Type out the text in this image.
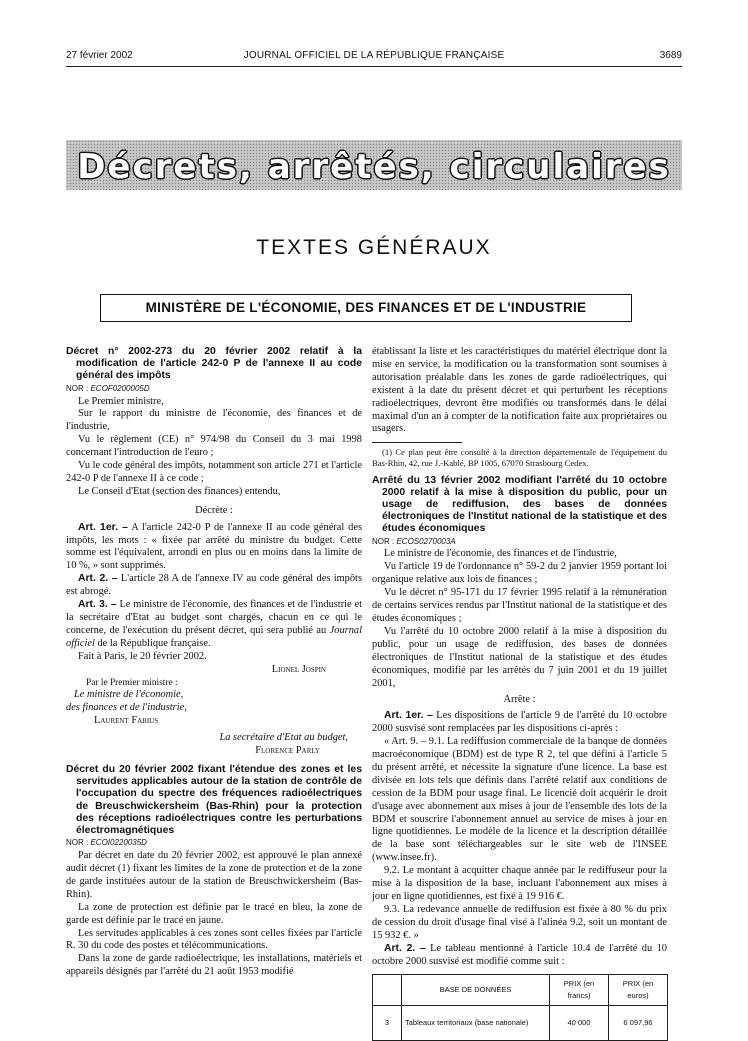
27 février 2002	JOURNAL OFFICIEL DE LA RÉPUBLIQUE FRANÇAISE	3689
Décrets, arrêtés, circulaires
TEXTES GÉNÉRAUX
MINISTÈRE DE L'ÉCONOMIE, DES FINANCES ET DE L'INDUSTRIE

Décret n° 2002-273 du 20 février 2002 relatif à la modification de l'article 242-0 P de l'annexe II au code général des impôts

NOR : ECOF0200005D

Le Premier ministre,

Sur le rapport du ministre de l'économie, des finances et de l'industrie,

Vu le règlement (CE) n° 974/98 du Conseil du 3 mai 1998 concernant l'introduction de l'euro ;

Vu le code général des impôts, notamment son article 271 et l'article 242-0 P de l'annexe II à ce code ;

Le Conseil d'Etat (section des finances) entendu,

Décrète :

Art. 1er. – A l'article 242-0 P de l'annexe II au code général des impôts, les mots : « fixée par arrêté du ministre du budget. Cette somme est l'équivalent, arrondi en plus ou en moins dans la limite de 10 %, » sont supprimés.

Art. 2. – L'article 28 A de l'annexe IV au code général des impôts est abrogé.

Art. 3. – Le ministre de l'économie, des finances et de l'industrie et la secrétaire d'Etat au budget sont chargés, chacun en ce qui le concerne, de l'exécution du présent décret, qui sera publié au Journal officiel de la République française.

Fait à Paris, le 20 février 2002.

Lionel Jospin

Par le Premier ministre :

Le ministre de l'économie,

des finances et de l'industrie,

Laurent Fabius

La secrétaire d'Etat au budget,

Florence Parly

Décret du 20 février 2002 fixant l'étendue des zones et les servitudes applicables autour de la station de contrôle de l'occupation du spectre des fréquences radioélectriques de Breuschwickersheim (Bas-Rhin) pour la protection des réceptions radioélectriques contre les perturbations électromagnétiques

NOR : ECOI0220035D

Par décret en date du 20 février 2002, est approuvé le plan annexé audit décret (1) fixant les limites de la zone de protection et de la zone de garde instituées autour de la station de Breuschwickersheim (Bas-Rhin).

La zone de protection est définie par le tracé en bleu, la zone de garde est définie par le tracé en jaune.

Les servitudes applicables à ces zones sont celles fixées par l'article R. 30 du code des postes et télécommunications.

Dans la zone de garde radioélectrique, les installations, matériels et appareils désignés par l'arrêté du 21 août 1953 modifié

établissant la liste et les caractéristiques du matériel électrique dont la mise en service, la modification ou la transformation sont soumises à autorisation préalable dans les zones de garde radioélectriques, qui existent à la date du présent décret et qui perturbent les réceptions radioélectriques, devront être modifiés ou transformés dans le délai maximal d'un an à compter de la notification faite aux propriétaires ou usagers.

(1) Ce plan peut être consulté à la direction départementale de l'équipement du Bas-Rhin, 42, rue J.-Kablé, BP 1005, 67070 Strasbourg Cedex.

Arrêté du 13 février 2002 modifiant l'arrêté du 10 octobre 2000 relatif à la mise à disposition du public, pour un usage de rediffusion, des bases de données électroniques de l'Institut national de la statistique et des études économiques

NOR : ECOS0270003A

Le ministre de l'économie, des finances et de l'industrie,

Vu l'article 19 de l'ordonnance n° 59-2 du 2 janvier 1959 portant loi organique relative aux lois de finances ;

Vu le décret n° 95-171 du 17 février 1995 relatif à la rémunération de certains services rendus par l'Institut national de la statistique et des études économiques ;

Vu l'arrêté du 10 octobre 2000 relatif à la mise à disposition du public, pour un usage de rediffusion, des bases de données électroniques de l'Institut national de la statistique et des études économiques, modifié par les arrêtés du 7 juin 2001 et du 19 juillet 2001,

Arrête :

Art. 1er. – Les dispositions de l'article 9 de l'arrêté du 10 octobre 2000 susvisé sont remplacées par les dispositions ci-après :

« Art. 9. – 9.1. La rediffusion commerciale de la banque de données macroéconomique (BDM) est de type R 2, tel que défini à l'article 5 du présent arrêté, et nécessite la signature d'une licence. La base est divisée en lots tels que définis dans l'arrêté relatif aux conditions de cession de la BDM pour usage final. Le licencié doit acquérir le droit d'usage avec abonnement aux mises à jour de l'ensemble des lots de la BDM et souscrire l'abonnement annuel au service de mises à jour en ligne quotidiennes. Le modèle de la licence et la description détaillée de la base sont téléchargeables sur le site web de l'INSEE (www.insee.fr).

9.2. Le montant à acquitter chaque année par le rediffuseur pour la mise à la disposition de la base, incluant l'abonnement aux mises à jour en ligne quotidiennes, est fixé à 19 916 €.

9.3. La redevance annuelle de rediffusion est fixée à 80 % du prix de cession du droit d'usage final visé à l'alinéa 9.2, soit un montant de 15 932 €. »

Art. 2. – Le tableau mentionné à l'article 10.4 de l'arrêté du 10 octobre 2000 susvisé est modifié comme suit :

	BASE DE DONNÉES	PRIX (en francs)	PRIX (en euros)
3	Tableaux territoriaux (base nationale)	40 000	6 097,96
